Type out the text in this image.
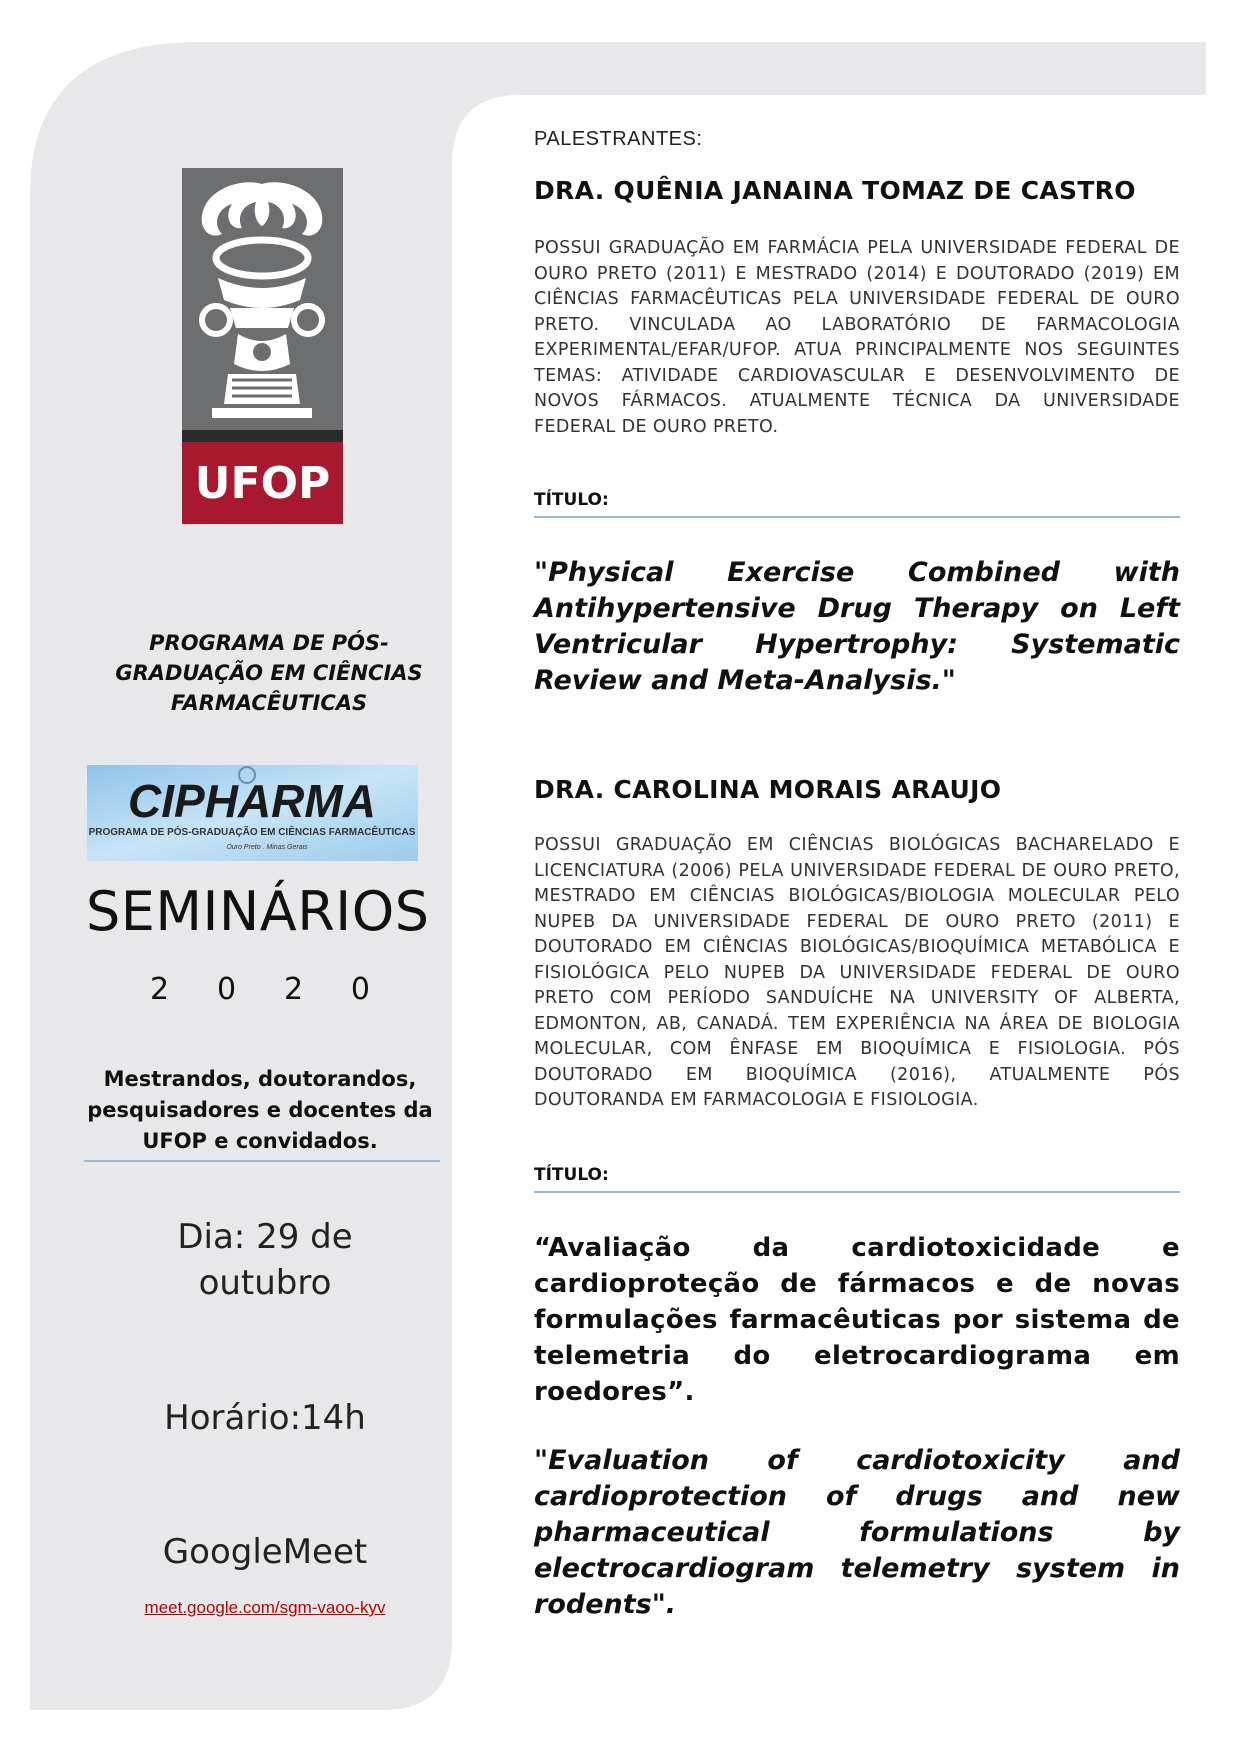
UFOP
PROGRAMA DE PÓS-GRADUAÇÃO EM CIÊNCIAS FARMACÊUTICAS
CIPHARMA
PROGRAMA DE PÓS-GRADUAÇÃO EM CIÊNCIAS FARMACÊUTICAS
Ouro Preto . Minas Gerais
SEMINÁRIOS
2 0 2 0
Mestrandos, doutorandos, pesquisadores e docentes da UFOP e convidados.
Dia: 29 de
outubro
Horário:14h
GoogleMeet
meet.google.com/sgm-vaoo-kyv
PALESTRANTES:
DRA. QUÊNIA JANAINA TOMAZ DE CASTRO
POSSUI GRADUAÇÃO EM FARMÁCIA PELA UNIVERSIDADE FEDERAL DE OURO PRETO (2011) E MESTRADO (2014) E DOUTORADO (2019) EM CIÊNCIAS FARMACÊUTICAS PELA UNIVERSIDADE FEDERAL DE OURO PRETO. VINCULADA AO LABORATÓRIO DE FARMACOLOGIA EXPERIMENTAL/EFAR/UFOP. ATUA PRINCIPALMENTE NOS SEGUINTES TEMAS: ATIVIDADE CARDIOVASCULAR E DESENVOLVIMENTO DE NOVOS FÁRMACOS. ATUALMENTE TÉCNICA DA UNIVERSIDADE FEDERAL DE OURO PRETO.
TÍTULO:
"Physical Exercise Combined with Antihypertensive Drug Therapy on Left Ventricular Hypertrophy: Systematic Review and Meta-Analysis."
DRA. CAROLINA MORAIS ARAUJO
POSSUI GRADUAÇÃO EM CIÊNCIAS BIOLÓGICAS BACHARELADO E LICENCIATURA (2006) PELA UNIVERSIDADE FEDERAL DE OURO PRETO, MESTRADO EM CIÊNCIAS BIOLÓGICAS/BIOLOGIA MOLECULAR PELO NUPEB DA UNIVERSIDADE FEDERAL DE OURO PRETO (2011) E DOUTORADO EM CIÊNCIAS BIOLÓGICAS/BIOQUÍMICA METABÓLICA E FISIOLÓGICA PELO NUPEB DA UNIVERSIDADE FEDERAL DE OURO PRETO COM PERÍODO SANDUÍCHE NA UNIVERSITY OF ALBERTA, EDMONTON, AB, CANADÁ. TEM EXPERIÊNCIA NA ÁREA DE BIOLOGIA MOLECULAR, COM ÊNFASE EM BIOQUÍMICA E FISIOLOGIA. PÓS DOUTORADO EM BIOQUÍMICA (2016), ATUALMENTE PÓS DOUTORANDA EM FARMACOLOGIA E FISIOLOGIA.
TÍTULO:
“Avaliação da cardiotoxicidade e cardioproteção de fármacos e de novas formulações farmacêuticas por sistema de telemetria do eletrocardiograma em roedores”.
"Evaluation of cardiotoxicity and cardioprotection of drugs and new pharmaceutical formulations by electrocardiogram telemetry system in rodents".
